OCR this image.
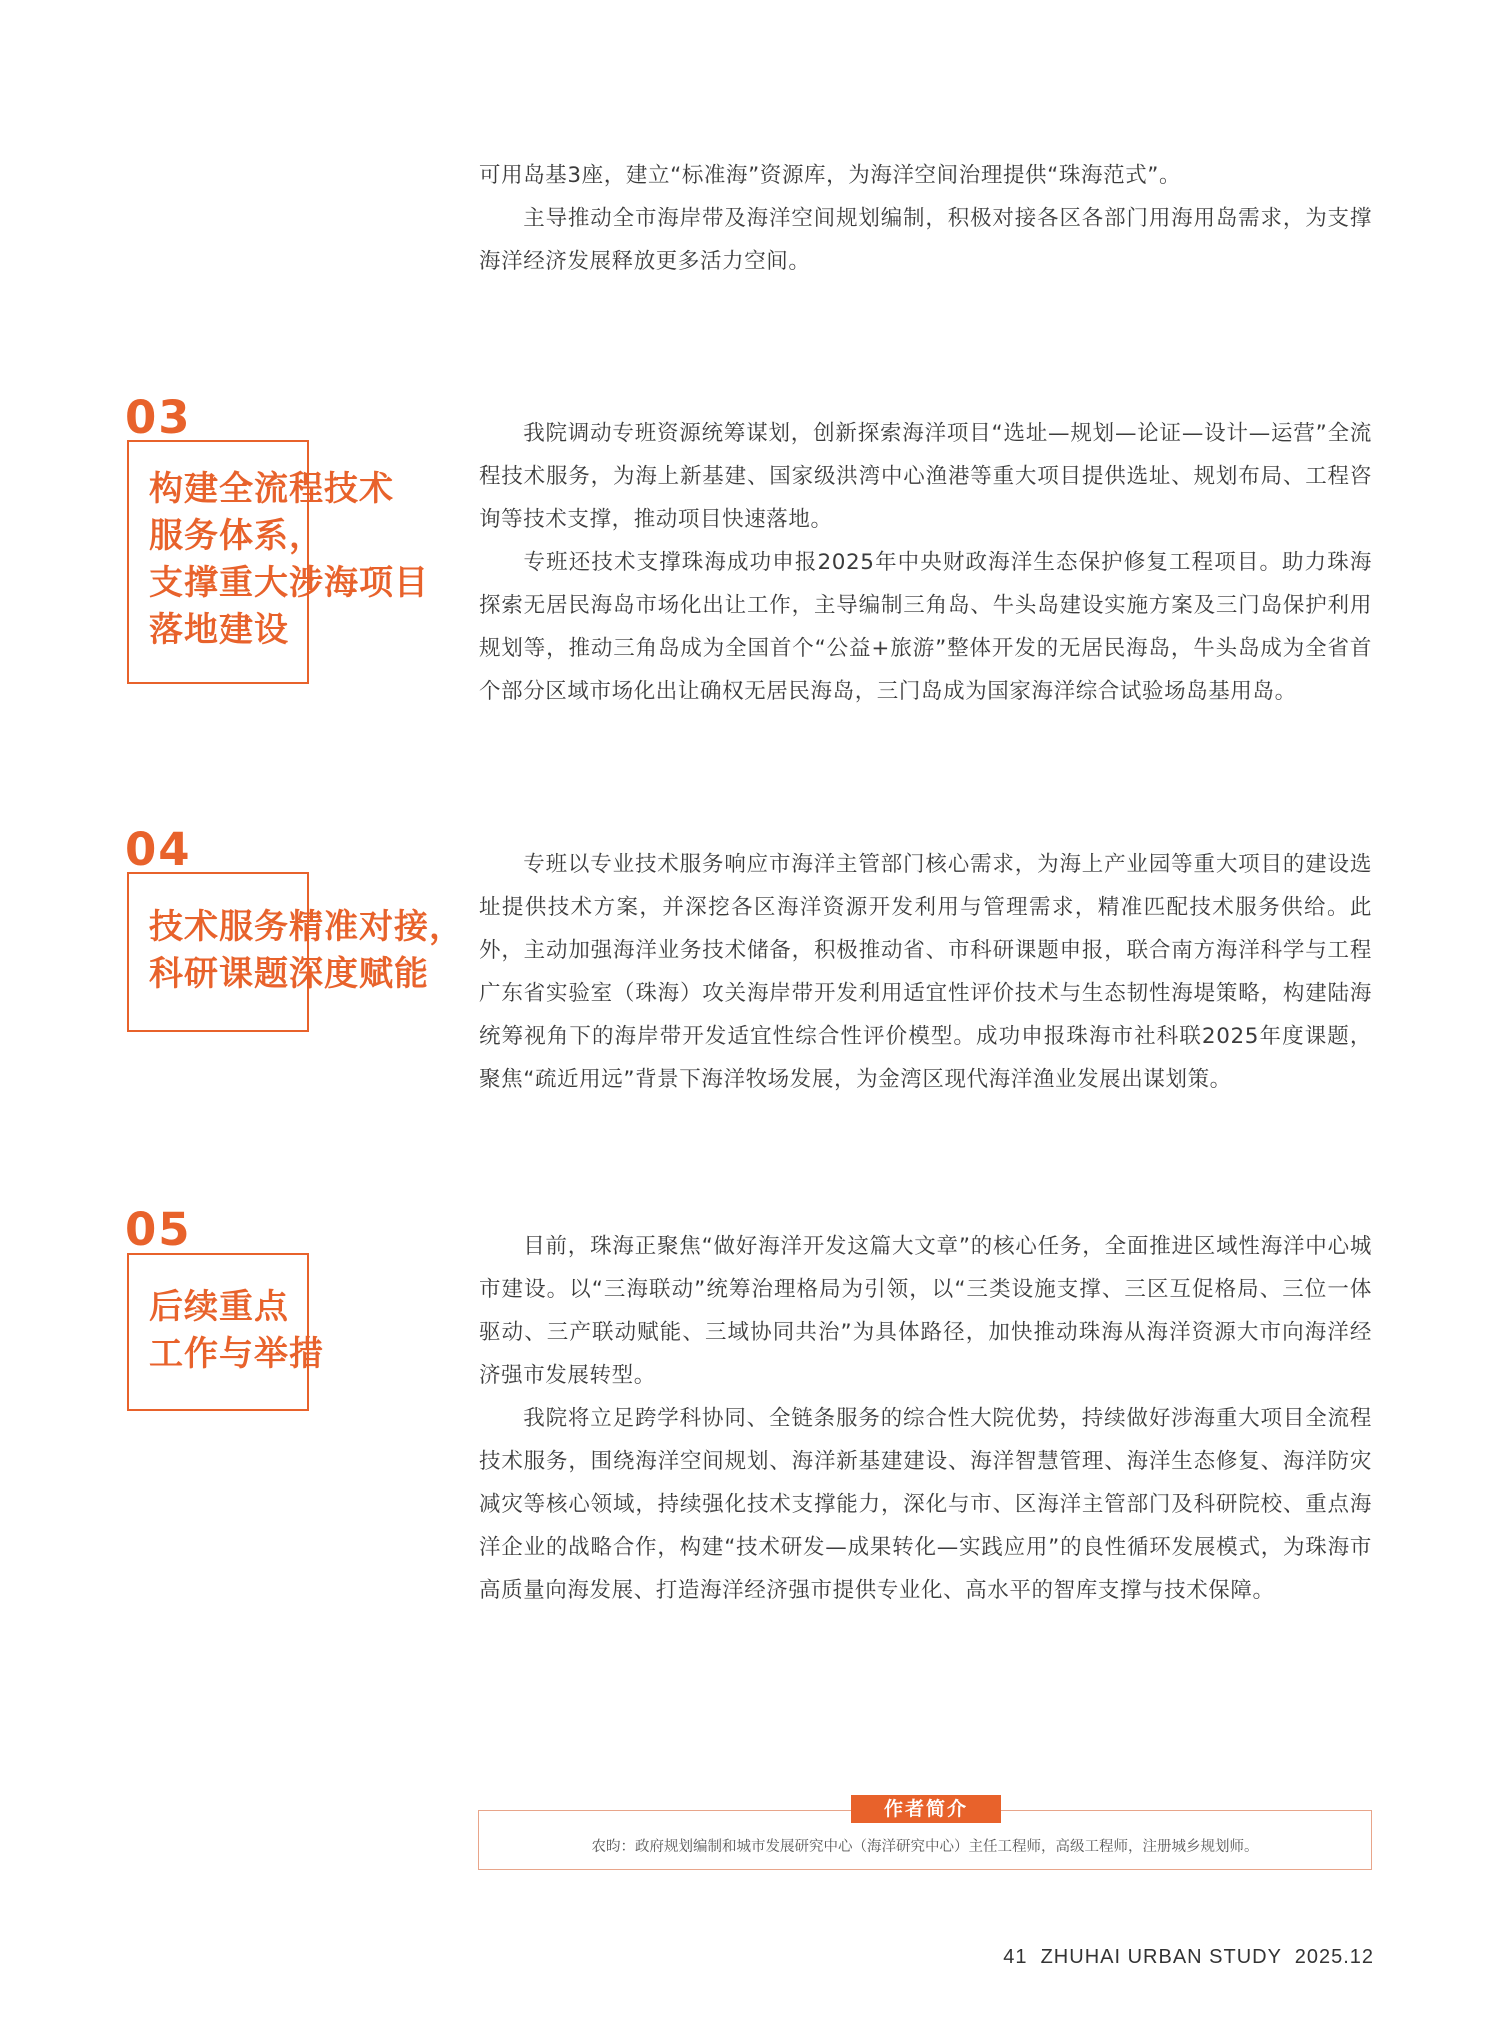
可用岛基3座，建立“标准海”资源库，为海洋空间治理提供“珠海范式”。
主导推动全市海岸带及海洋空间规划编制，积极对接各区各部门用海用岛需求，为支撑海洋经济发展释放更多活力空间。
03
构建全流程技术
服务体系，
支撑重大涉海项目
落地建设
我院调动专班资源统筹谋划，创新探索海洋项目“选址—规划—论证—设计—运营”全流程技术服务，为海上新基建、国家级洪湾中心渔港等重大项目提供选址、规划布局、工程咨询等技术支撑，推动项目快速落地。
专班还技术支撑珠海成功申报2025年中央财政海洋生态保护修复工程项目。助力珠海探索无居民海岛市场化出让工作，主导编制三角岛、牛头岛建设实施方案及三门岛保护利用规划等，推动三角岛成为全国首个“公益+旅游”整体开发的无居民海岛，牛头岛成为全省首个部分区域市场化出让确权无居民海岛，三门岛成为国家海洋综合试验场岛基用岛。
04
技术服务精准对接，
科研课题深度赋能
专班以专业技术服务响应市海洋主管部门核心需求，为海上产业园等重大项目的建设选址提供技术方案，并深挖各区海洋资源开发利用与管理需求，精准匹配技术服务供给。此外，主动加强海洋业务技术储备，积极推动省、市科研课题申报，联合南方海洋科学与工程广东省实验室（珠海）攻关海岸带开发利用适宜性评价技术与生态韧性海堤策略，构建陆海统筹视角下的海岸带开发适宜性综合性评价模型。成功申报珠海市社科联2025年度课题，聚焦“疏近用远”背景下海洋牧场发展，为金湾区现代海洋渔业发展出谋划策。
05
后续重点
工作与举措
目前，珠海正聚焦“做好海洋开发这篇大文章”的核心任务，全面推进区域性海洋中心城市建设。以“三海联动”统筹治理格局为引领，以“三类设施支撑、三区互促格局、三位一体驱动、三产联动赋能、三域协同共治”为具体路径，加快推动珠海从海洋资源大市向海洋经济强市发展转型。
我院将立足跨学科协同、全链条服务的综合性大院优势，持续做好涉海重大项目全流程技术服务，围绕海洋空间规划、海洋新基建建设、海洋智慧管理、海洋生态修复、海洋防灾减灾等核心领域，持续强化技术支撑能力，深化与市、区海洋主管部门及科研院校、重点海洋企业的战略合作，构建“技术研发—成果转化—实践应用”的良性循环发展模式，为珠海市高质量向海发展、打造海洋经济强市提供专业化、高水平的智库支撑与技术保障。
作者简介
农昀：政府规划编制和城市发展研究中心（海洋研究中心）主任工程师，高级工程师，注册城乡规划师。
41  ZHUHAI URBAN STUDY  2025.12
